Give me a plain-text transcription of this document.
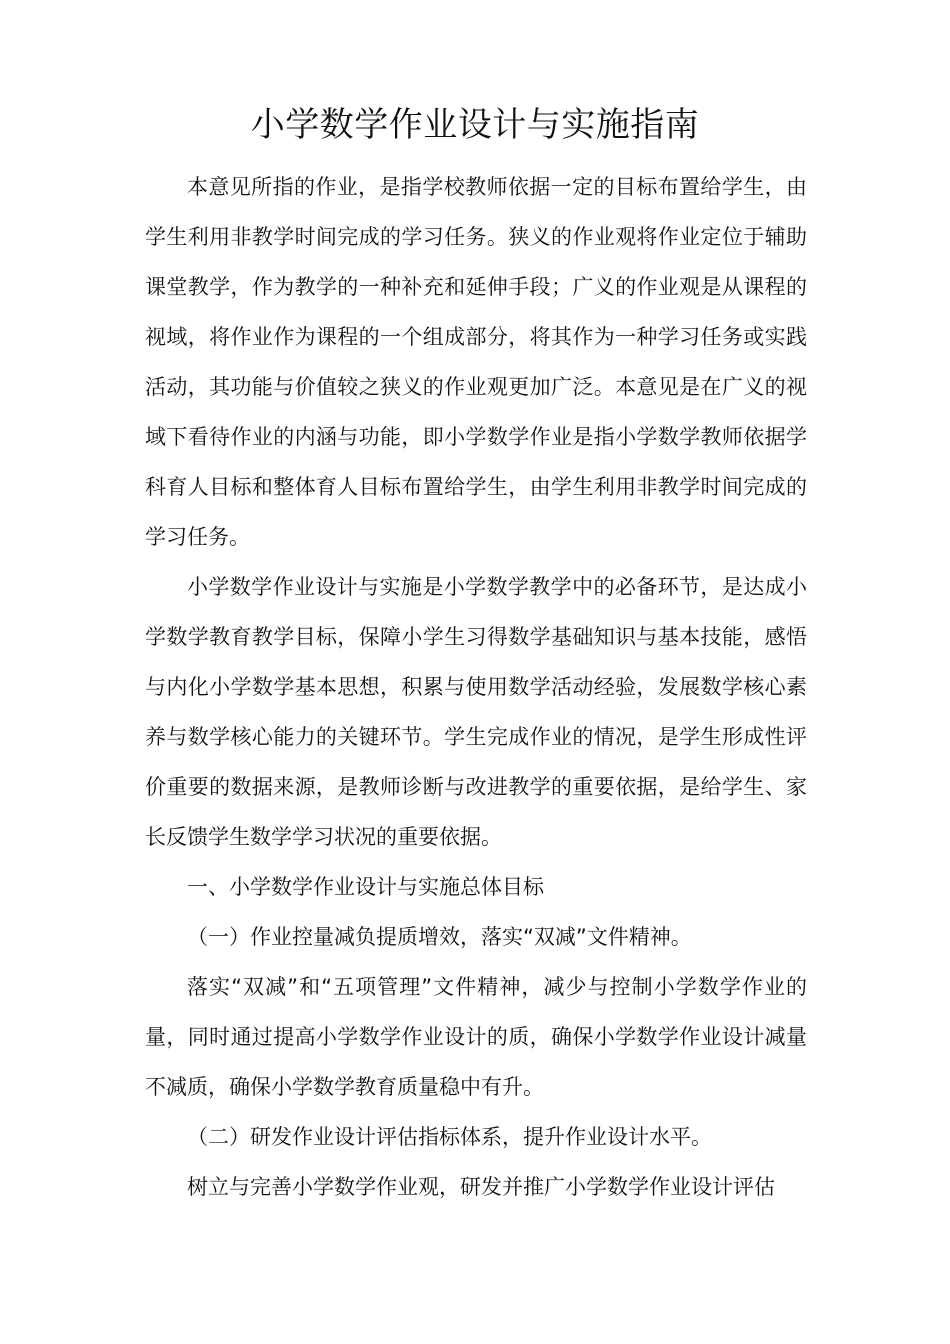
小学数学作业设计与实施指南

本意见所指的作业，是指学校教师依据一定的目标布置给学生，由学生利用非教学时间完成的学习任务。狭义的作业观将作业定位于辅助课堂教学，作为教学的一种补充和延伸手段；广义的作业观是从课程的视域，将作业作为课程的一个组成部分，将其作为一种学习任务或实践活动，其功能与价值较之狭义的作业观更加广泛。本意见是在广义的视域下看待作业的内涵与功能，即小学数学作业是指小学数学教师依据学科育人目标和整体育人目标布置给学生，由学生利用非教学时间完成的学习任务。

小学数学作业设计与实施是小学数学教学中的必备环节，是达成小学数学教育教学目标，保障小学生习得数学基础知识与基本技能，感悟与内化小学数学基本思想，积累与使用数学活动经验，发展数学核心素养与数学核心能力的关键环节。学生完成作业的情况，是学生形成性评价重要的数据来源，是教师诊断与改进教学的重要依据，是给学生、家长反馈学生数学学习状况的重要依据。

一、小学数学作业设计与实施总体目标

（一）作业控量减负提质增效，落实“双减”文件精神。

落实“双减”和“五项管理”文件精神，减少与控制小学数学作业的量，同时通过提高小学数学作业设计的质，确保小学数学作业设计减量不减质，确保小学数学教育质量稳中有升。

（二）研发作业设计评估指标体系，提升作业设计水平。

树立与完善小学数学作业观，研发并推广小学数学作业设计评估
